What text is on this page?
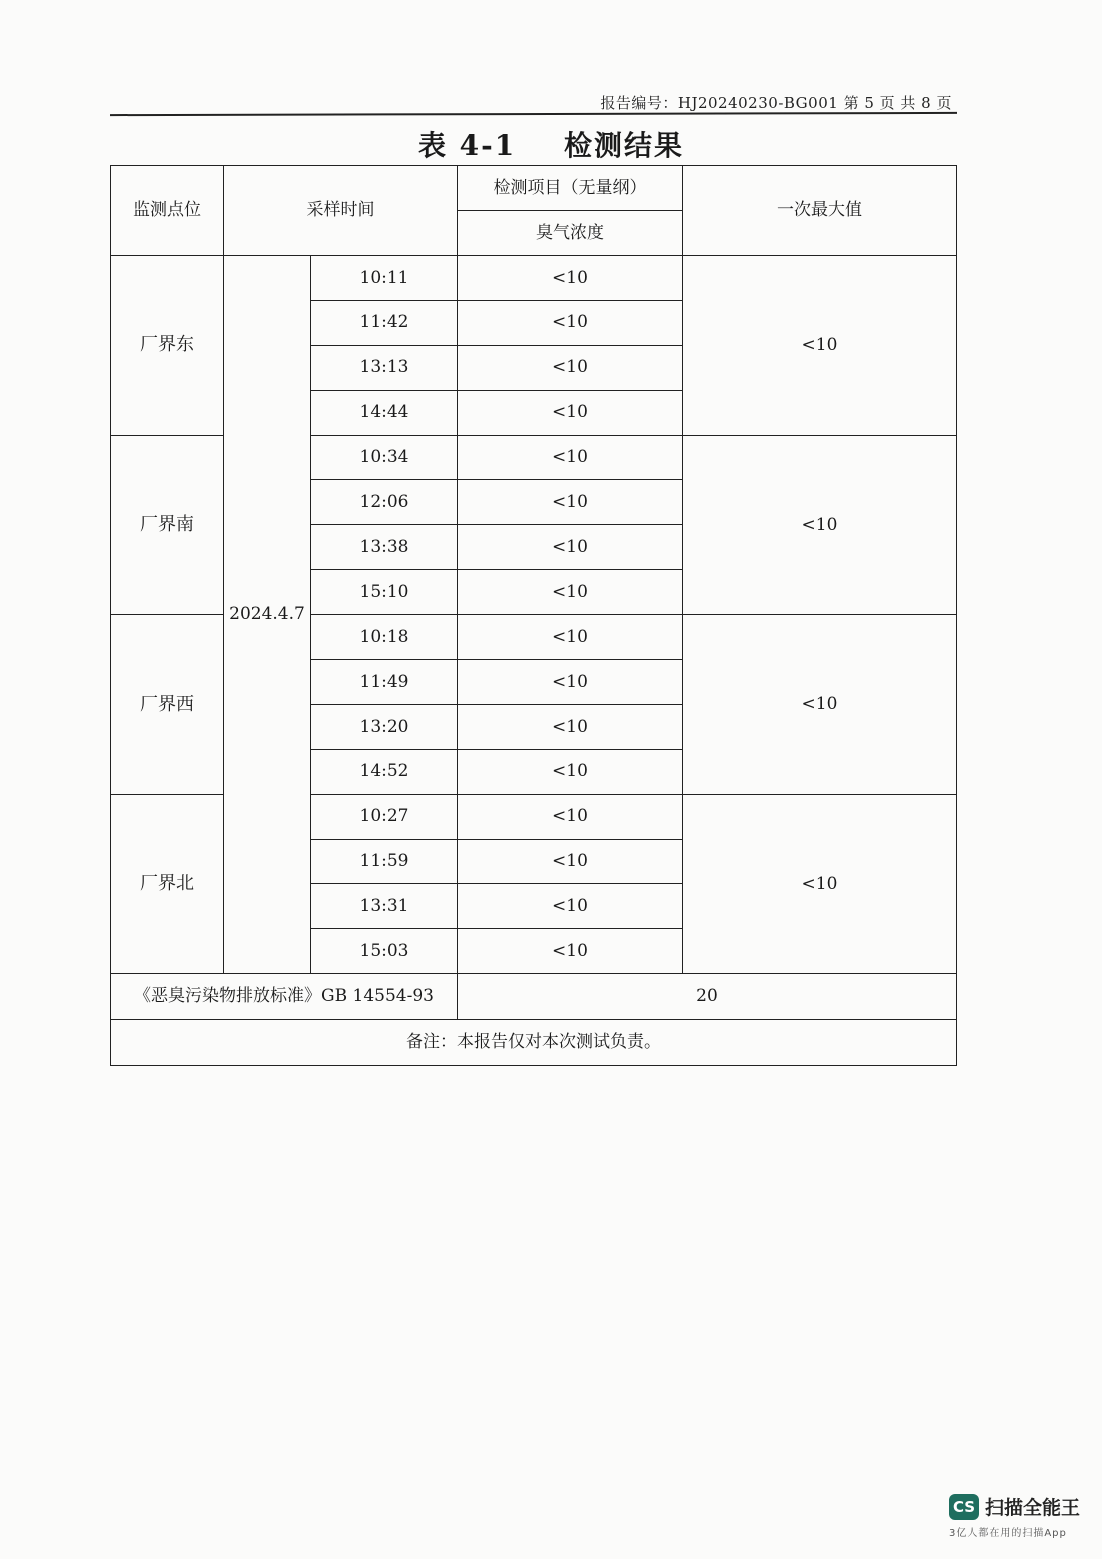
报告编号：HJ20240230-BG001 第 5 页 共 8 页
表 4-1 检测结果
监测点位	采样时间		检测项目（无量纲）	一次最大值
			臭气浓度	
厂界东	2024.4.7	10:11	<10	<10
		11:42	<10	
		13:13	<10	
		14:44	<10	
厂界南		10:34	<10	<10
		12:06	<10	
		13:38	<10	
		15:10	<10	
厂界西		10:18	<10	<10
		11:49	<10	
		13:20	<10	
		14:52	<10	
厂界北		10:27	<10	<10
		11:59	<10	
		13:31	<10	
		15:03	<10	
《恶臭污染物排放标准》GB 14554-93			20	
备注：本报告仅对本次测试负责。				
CS 扫描全能王
3亿人都在用的扫描App
